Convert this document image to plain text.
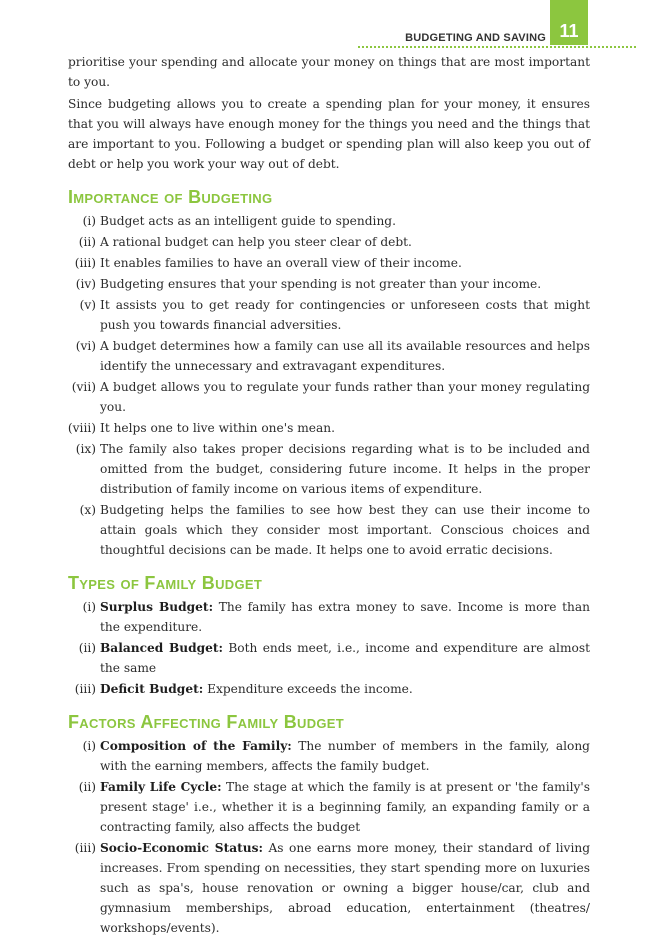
BUDGETING AND SAVING 11

prioritise your spending and allocate your money on things that are most important to you.

Since budgeting allows you to create a spending plan for your money, it ensures that you will always have enough money for the things you need and the things that are important to you. Following a budget or spending plan will also keep you out of debt or help you work your way out of debt.

Importance of Budgeting
(i) Budget acts as an intelligent guide to spending.
(ii) A rational budget can help you steer clear of debt.
(iii) It enables families to have an overall view of their income.
(iv) Budgeting ensures that your spending is not greater than your income.
(v) It assists you to get ready for contingencies or unforeseen costs that might push you towards financial adversities.
(vi) A budget determines how a family can use all its available resources and helps identify the unnecessary and extravagant expenditures.
(vii) A budget allows you to regulate your funds rather than your money regulating you.
(viii) It helps one to live within one's mean.
(ix) The family also takes proper decisions regarding what is to be included and omitted from the budget, considering future income. It helps in the proper distribution of family income on various items of expenditure.
(x) Budgeting helps the families to see how best they can use their income to attain goals which they consider most important. Conscious choices and thoughtful decisions can be made. It helps one to avoid erratic decisions.
Types of Family Budget
(i) Surplus Budget: The family has extra money to save. Income is more than the expenditure.
(ii) Balanced Budget: Both ends meet, i.e., income and expenditure are almost the same
(iii) Deficit Budget: Expenditure exceeds the income.
Factors Affecting Family Budget
(i) Composition of the Family: The number of members in the family, along with the earning members, affects the family budget.
(ii) Family Life Cycle: The stage at which the family is at present or 'the family's present stage' i.e., whether it is a beginning family, an expanding family or a contracting family, also affects the budget
(iii) Socio-Economic Status: As one earns more money, their standard of living increases. From spending on necessities, they start spending more on luxuries such as spa's, house renovation or owning a bigger house/car, club and gymnasium memberships, abroad education, entertainment (theatres/ workshops/events).
